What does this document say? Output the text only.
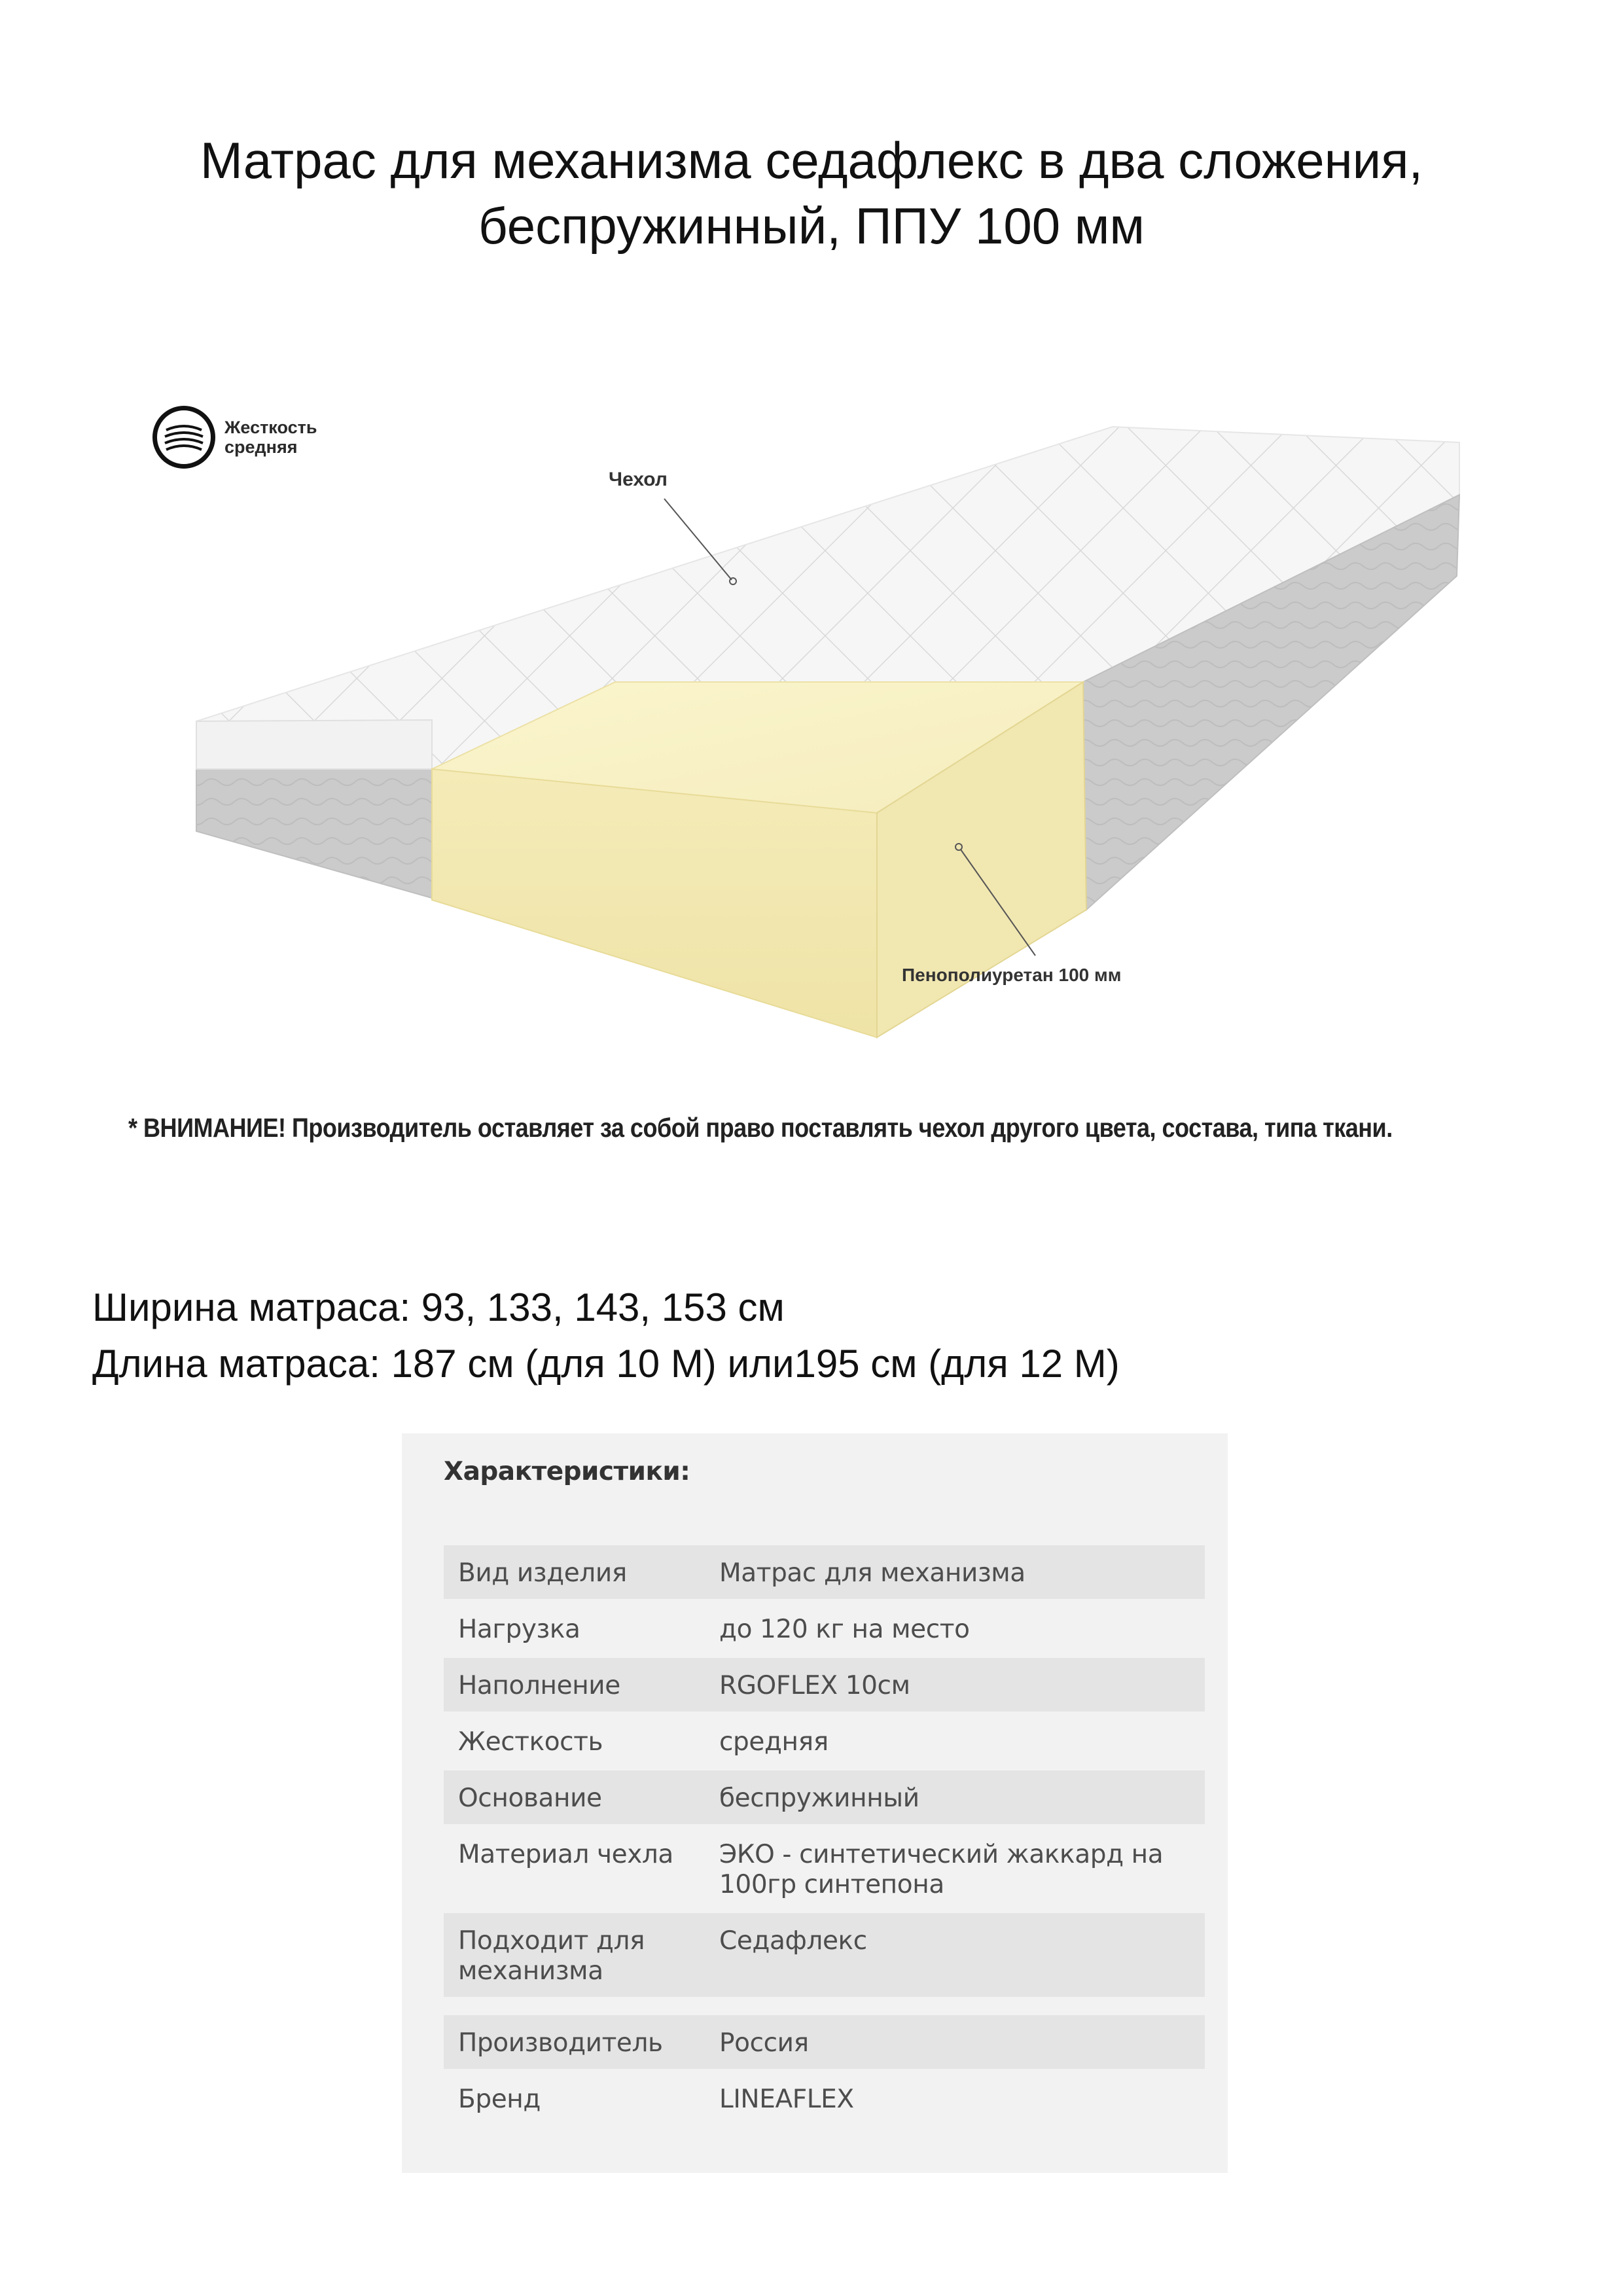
Матрас для механизма седафлекс в два сложения,
беспружинный, ППУ 100 мм
Жесткость
средняя
Чехол
Пенополиуретан 100 мм
* ВНИМАНИЕ! Производитель оставляет за собой право поставлять чехол другого цвета, состава, типа ткани.
Ширина матраса: 93, 133, 143, 153 см
Длина матраса: 187 см (для 10 М) или195 см (для 12 М)
Характеристики:
Вид изделия	Матрас для механизма
Нагрузка	до 120 кг на место
Наполнение	RGOFLEX 10см
Жесткость	средняя
Основание	беспружинный
Материал чехла	ЭКО - синтетический жаккард на 100гр синтепона
Подходит для механизма	Седафлекс

Производитель	Россия
Бренд	LINEAFLEX
